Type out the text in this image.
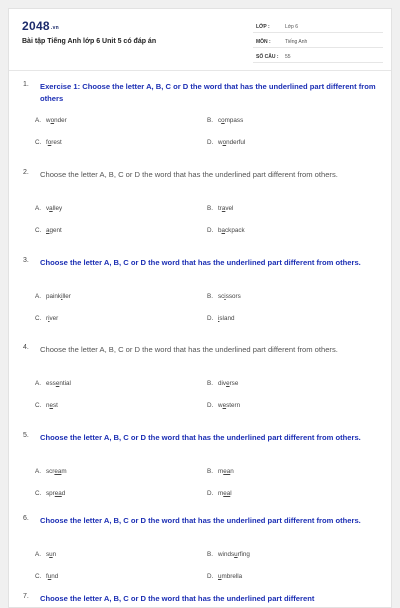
2048.vn
Bài tập Tiếng Anh lớp 6 Unit 5 có đáp án
LỚP :	Lớp 6
MÔN :	Tiếng Anh
SỐ CÂU : 55
1. Exercise 1: Choose the letter A, B, C or D the word that has the underlined part different from others
A. wonder	B. compass
C. forest	D. wonderful
2. Choose the letter A, B, C or D the word that has the underlined part different from others.
A. valley	B. travel
C. agent	D. backpack
3. Choose the letter A, B, C or D the word that has the underlined part different from others.
A. painkiller	B. scissors
C. river	D. island
4. Choose the letter A, B, C or D the word that has the underlined part different from others.
A. essential	B. diverse
C. nest	D. western
5. Choose the letter A, B, C or D the word that has the underlined part different from others.
A. scream	B. mean
C. spread	D. meal
6. Choose the letter A, B, C or D the word that has the underlined part different from others.
A. sun	B. windsurfing
C. fund	D. umbrella
7. Choose the letter A, B, C or D the word that has the underlined part different
